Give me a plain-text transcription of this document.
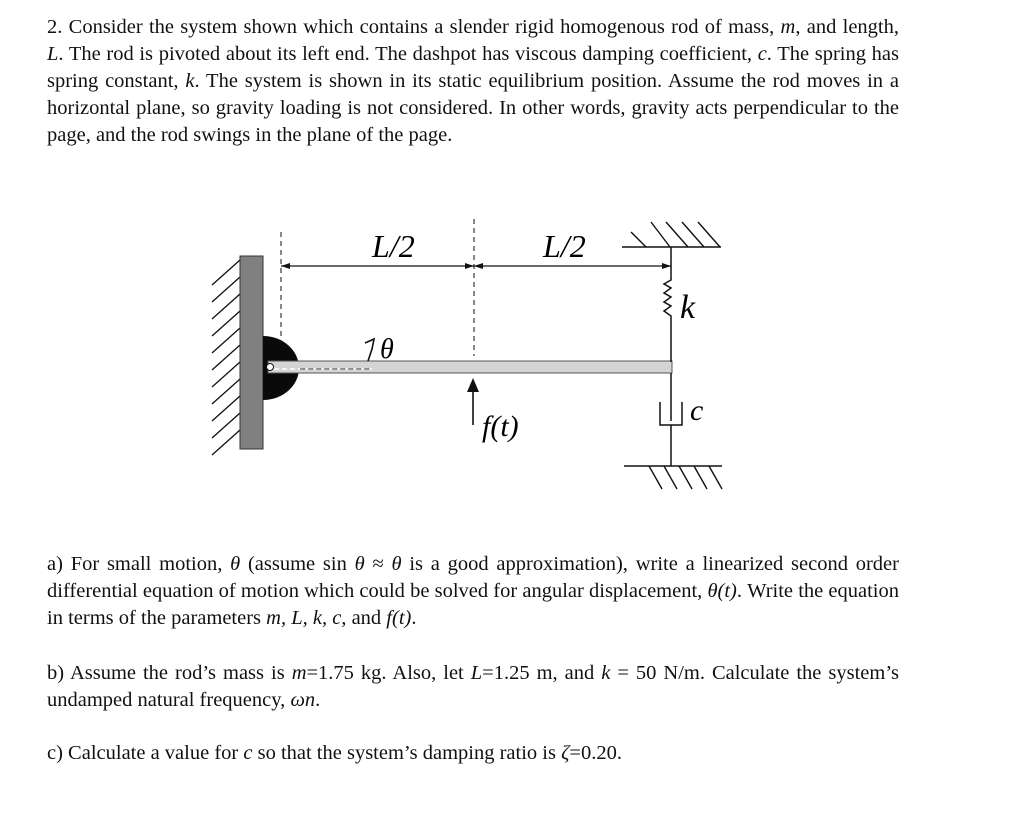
2. Consider the system shown which contains a slender rigid homogenous rod of mass, m, and length, L. The rod is pivoted about its left end. The dashpot has viscous damping coefficient, c. The spring has spring constant, k. The system is shown in its static equilibrium position. Assume the rod moves in a horizontal plane, so gravity loading is not considered. In other words, gravity acts perpendicular to the page, and the rod swings in the plane of the page.

L/2	L/2
k
c
θ
f(t)

a) For small motion, θ (assume sin θ ≈ θ is a good approximation), write a linearized second order differential equation of motion which could be solved for angular displacement, θ(t). Write the equation in terms of the parameters m, L, k, c, and f(t).

b) Assume the rod’s mass is m=1.75 kg. Also, let L=1.25 m, and k = 50 N/m. Calculate the system’s undamped natural frequency, ωn.

c) Calculate a value for c so that the system’s damping ratio is ζ=0.20.
